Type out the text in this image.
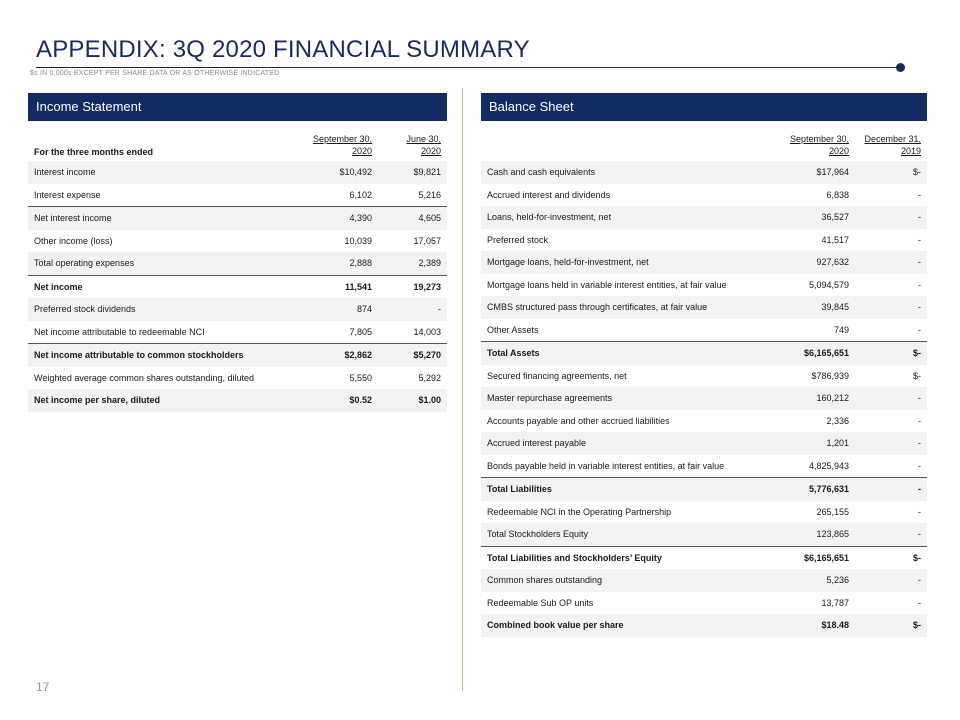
APPENDIX: 3Q 2020 FINANCIAL SUMMARY
$s IN 0,000s EXCEPT PER SHARE DATA OR AS OTHERWISE INDICATED
Income Statement
For the three months ended	September 30, 2020	June 30, 2020
Interest income	$10,492	$9,821
Interest expense	6,102	5,216
Net interest income	4,390	4,605
Other income (loss)	10,039	17,057
Total operating expenses	2,888	2,389
Net income	11,541	19,273
Preferred stock dividends	874	-
Net income attributable to redeemable NCI	7,805	14,003
Net income attributable to common stockholders	$2,862	$5,270
Weighted average common shares outstanding, diluted	5,550	5,292
Net income per share, diluted	$0.52	$1.00
Balance Sheet
	September 30, 2020	December 31, 2019
Cash and cash equivalents	$17,964	$-
Accrued interest and dividends	6,838	-
Loans, held-for-investment, net	36,527	-
Preferred stock	41,517	-
Mortgage loans, held-for-investment, net	927,632	-
Mortgage loans held in variable interest entities, at fair value	5,094,579	-
CMBS structured pass through certificates, at fair value	39,845	-
Other Assets	749	-
Total Assets	$6,165,651	$-
Secured financing agreements, net	$786,939	$-
Master repurchase agreements	160,212	-
Accounts payable and other accrued liabilities	2,336	-
Accrued interest payable	1,201	-
Bonds payable held in variable interest entities, at fair value	4,825,943	-
Total Liabilities	5,776,631	-
Redeemable NCI in the Operating Partnership	265,155	-
Total Stockholders Equity	123,865	-
Total Liabilities and Stockholders’ Equity	$6,165,651	$-
Common shares outstanding	5,236	-
Redeemable Sub OP units	13,787	-
Combined book value per share	$18.48	$-
17
